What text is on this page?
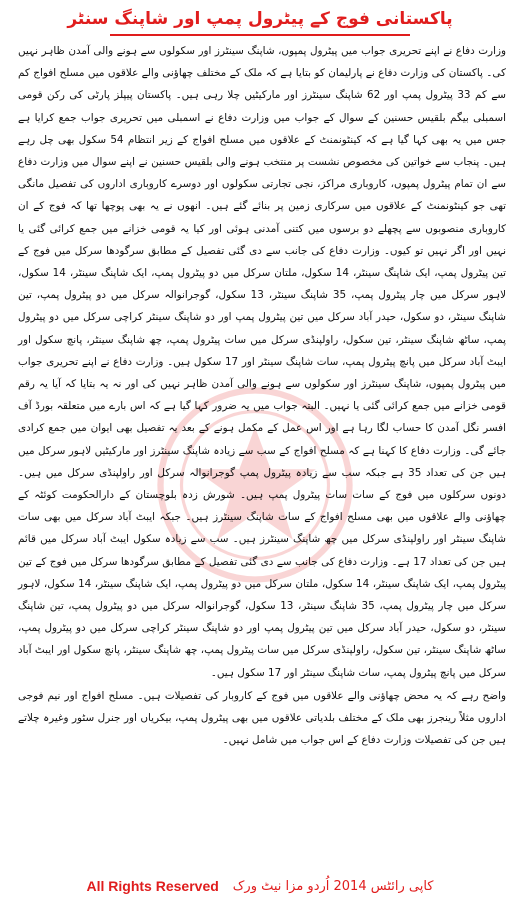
پاکستانی فوج کے پیٹرول پمپ اور شاپنگ سنٹر

وزارت دفاع نے اپنے تحریری جواب میں پیٹرول پمپوں، شاپنگ سینٹرز اور سکولوں سے ہونے والی آمدن ظاہر نہیں کی۔ پاکستان کی وزارت دفاع نے پارلیمان کو بتایا ہے کہ ملک کے مختلف چھاؤنی والے علاقوں میں مسلح افواج کم سے کم 33 پیٹرول پمپ اور 62 شاپنگ سینٹرز اور مارکیٹیں چلا رہی ہیں۔ پاکستان پیپلز پارٹی کی رکن قومی اسمبلی بیگم بلقیس حسنین کے سوال کے جواب میں وزارت دفاع نے اسمبلی میں تحریری جواب جمع کرایا ہے جس میں یہ بھی کہا گیا ہے کہ کینٹونمنٹ کے علاقوں میں مسلح افواج کے زیر انتظام 54 سکول بھی چل رہے ہیں۔ پنجاب سے خواتین کی مخصوص نشست پر منتخب ہونے والی بلقیس حسنین نے اپنے سوال میں وزارت دفاع سے ان تمام پیٹرول پمپوں، کاروباری مراکز، نجی تجارتی سکولوں اور دوسرے کاروباری اداروں کی تفصیل مانگی تھی جو کینٹونمنٹ کے علاقوں میں سرکاری زمین پر بنائے گئے ہیں۔ انھوں نے یہ بھی پوچھا تھا کہ فوج کے ان کاروباری منصوبوں سے پچھلے دو برسوں میں کتنی آمدنی ہوئی اور کیا یہ قومی خزانے میں جمع کرائی گئی یا نہیں اور اگر نہیں تو کیوں۔ وزارت دفاع کی جانب سے دی گئی تفصیل کے مطابق سرگودھا سرکل میں فوج کے تین پیٹرول پمپ، ایک شاپنگ سینٹر، 14 سکول، ملتان سرکل میں دو پیٹرول پمپ، ایک شاپنگ سینٹر، 14 سکول، لاہور سرکل میں چار پیٹرول پمپ، 35 شاپنگ سینٹر، 13 سکول، گوجرانوالہ سرکل میں دو پیٹرول پمپ، تین شاپنگ سینٹر، دو سکول، حیدر آباد سرکل میں تین پیٹرول پمپ اور دو شاپنگ سینٹر کراچی سرکل میں دو پیٹرول پمپ، ساٹھ شاپنگ سینٹر، تین سکول، راولپنڈی سرکل میں سات پیٹرول پمپ، چھ شاپنگ سینٹر، پانچ سکول اور ایبٹ آباد سرکل میں پانچ پیٹرول پمپ، سات شاپنگ سینٹر اور 17 سکول ہیں۔ وزارت دفاع نے اپنے تحریری جواب میں پیٹرول پمپوں، شاپنگ سینٹرز اور سکولوں سے ہونے والی آمدن ظاہر نہیں کی اور نہ یہ بتایا کہ آیا یہ رقم قومی خزانے میں جمع کرائی گئی یا نہیں۔ البتہ جواب میں یہ ضرور کہا گیا ہے کہ اس بارے میں متعلقہ بورڈ آف افسر نگل آمدن کا حساب لگا رہا ہے اور اس عمل کے مکمل ہونے کے بعد یہ تفصیل بھی ایوان میں جمع کرادی جائے گی۔ وزارت دفاع کا کہنا ہے کہ مسلح افواج کے سب سے زیادہ شاپنگ سینٹرز اور مارکیٹیں لاہور سرکل میں ہیں جن کی تعداد 35 ہے جبکہ سب سے زیادہ پیٹرول پمپ گوجرانوالہ سرکل اور راولپنڈی سرکل میں ہیں۔ دونوں سرکلوں میں فوج کے سات سات پیٹرول پمپ ہیں۔ شورش زدہ بلوچستان کے دارالحکومت کوئٹہ کے چھاؤنی والے علاقوں میں بھی مسلح افواج کے سات شاپنگ سینٹرز ہیں۔ جبکہ ایبٹ آباد سرکل میں بھی سات شاپنگ سینٹر اور راولپنڈی سرکل میں چھ شاپنگ سینٹرز ہیں۔ سب سے زیادہ سکول ایبٹ آباد سرکل میں قائم ہیں جن کی تعداد 17 ہے۔ وزارت دفاع کی جانب سے دی گئی تفصیل کے مطابق سرگودھا سرکل میں فوج کے تین پیٹرول پمپ، ایک شاپنگ سینٹر، 14 سکول، ملتان سرکل میں دو پیٹرول پمپ، ایک شاپنگ سینٹر، 14 سکول، لاہور سرکل میں چار پیٹرول پمپ، 35 شاپنگ سینٹر، 13 سکول، گوجرانوالہ سرکل میں دو پیٹرول پمپ، تین شاپنگ سینٹر، دو سکول، حیدر آباد سرکل میں تین پیٹرول پمپ اور دو شاپنگ سینٹر کراچی سرکل میں دو پیٹرول پمپ، ساٹھ شاپنگ سینٹر، تین سکول، راولپنڈی سرکل میں سات پیٹرول پمپ، چھ شاپنگ سینٹر، پانچ سکول اور ایبٹ آباد سرکل میں پانچ پیٹرول پمپ، سات شاپنگ سینٹر اور 17 سکول ہیں۔

واضح رہے کہ یہ محض چھاؤنی والے علاقوں میں فوج کے کاروبار کی تفصیلات ہیں۔ مسلح افواج اور نیم فوجی اداروں مثلاً رینجرز بھی ملک کے مختلف بلدیاتی علاقوں میں بھی پیٹرول پمپ، بیکریاں اور جنرل سٹور وغیرہ چلاتے ہیں جن کی تفصیلات وزارت دفاع کے اس جواب میں شامل نہیں۔

All Rights Reserved کاپی رائٹس 2014 اُردو مزا نیٹ ورک
